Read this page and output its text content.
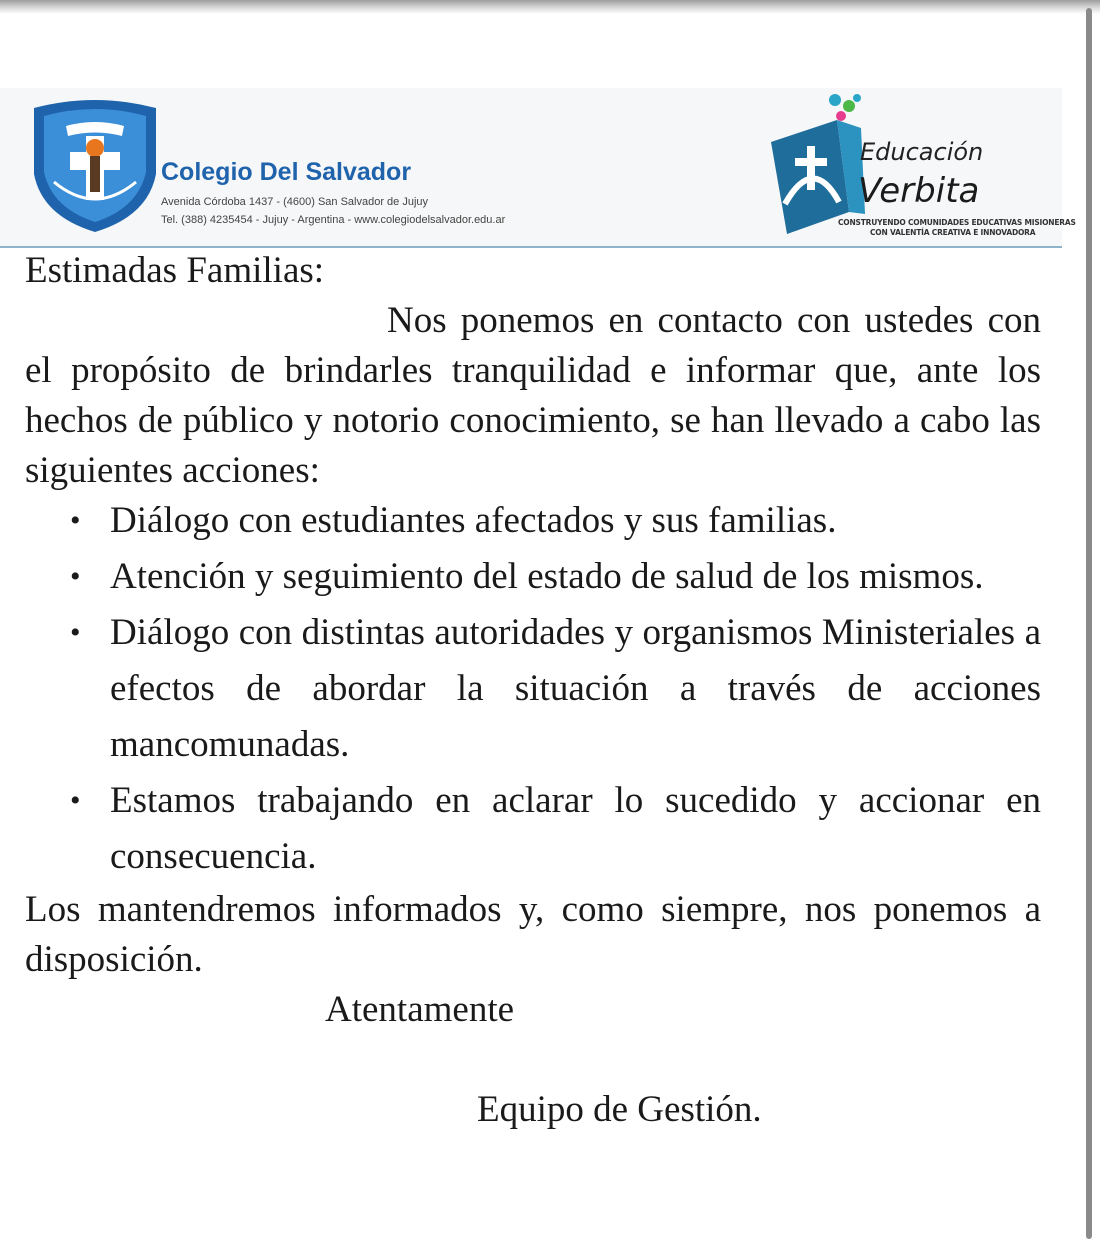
Colegio Del Salvador
Avenida Córdoba 1437 - (4600) San Salvador de Jujuy
Tel. (388) 4235454 - Jujuy - Argentina - www.colegiodelsalvador.edu.ar
Educación
Verbita
CONSTRUYENDO COMUNIDADES EDUCATIVAS MISIONERAS
CON VALENTÍA CREATIVA E INNOVADORA

Estimadas Familias:

Nos ponemos en contacto con ustedes con el propósito de brindarles tranquilidad e informar que, ante los hechos de público y notorio conocimiento, se han llevado a cabo las siguientes acciones:

• Diálogo con estudiantes afectados y sus familias.
• Atención y seguimiento del estado de salud de los mismos.
• Diálogo con distintas autoridades y organismos Ministeriales a efectos de abordar la situación a través de acciones mancomunadas.
• Estamos trabajando en aclarar lo sucedido y accionar en consecuencia.

Los mantendremos informados y, como siempre, nos ponemos a disposición.

Atentamente

Equipo de Gestión.
